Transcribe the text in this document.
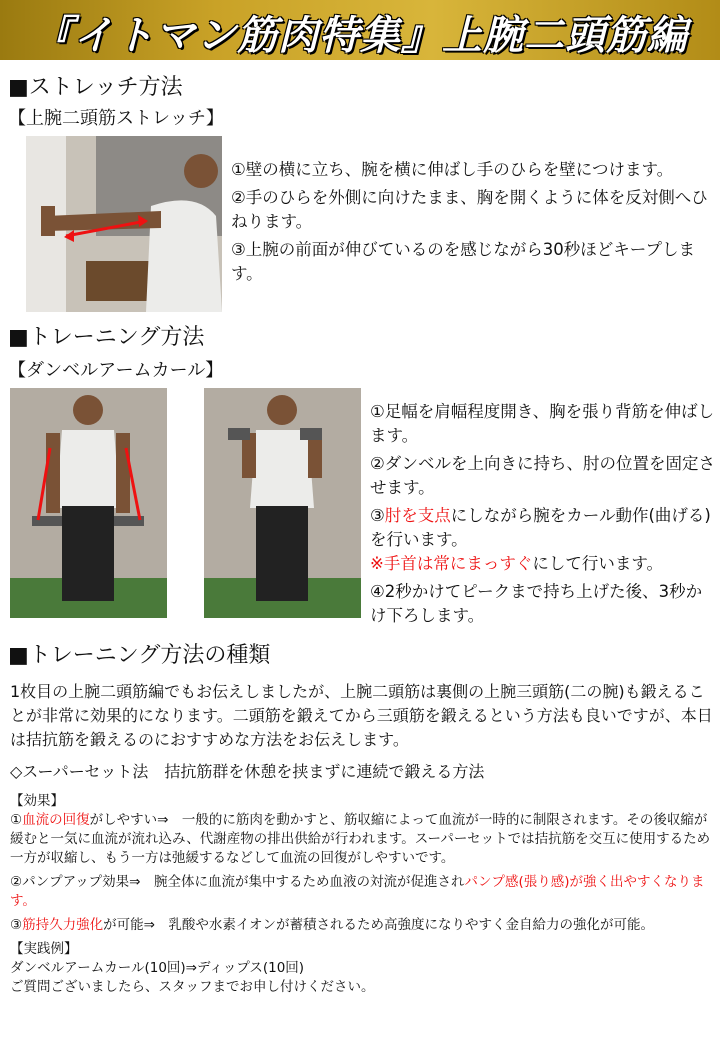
『イトマン筋肉特集』上腕二頭筋編
■ストレッチ方法
【上腕二頭筋ストレッチ】

①壁の横に立ち、腕を横に伸ばし手のひらを壁につけます。

②手のひらを外側に向けたまま、胸を開くように体を反対側へひねります。

③上腕の前面が伸びているのを感じながら30秒ほどキープします。

■トレーニング方法
【ダンベルアームカール】

①足幅を肩幅程度開き、胸を張り背筋を伸ばします。

②ダンベルを上向きに持ち、肘の位置を固定させます。

③肘を支点にしながら腕をカール動作(曲げる)を行います。

※手首は常にまっすぐにして行います。

④2秒かけてピークまで持ち上げた後、3秒かけ下ろします。

■トレーニング方法の種類
1枚目の上腕二頭筋編でもお伝えしましたが、上腕二頭筋は裏側の上腕三頭筋(二の腕)も鍛えることが非常に効果的になります。二頭筋を鍛えてから三頭筋を鍛えるという方法も良いですが、本日は拮抗筋を鍛えるのにおすすめな方法をお伝えします。
◇スーパーセット法　拮抗筋群を休憩を挟まずに連続で鍛える方法

【効果】

①血流の回復がしやすい⇒　一般的に筋肉を動かすと、筋収縮によって血流が一時的に制限されます。その後収縮が緩むと一気に血流が流れ込み、代謝産物の排出供給が行われます。スーパーセットでは拮抗筋を交互に使用するため一方が収縮し、もう一方は弛緩するなどして血流の回復がしやすいです。

②パンプアップ効果⇒　腕全体に血流が集中するため血液の対流が促進されパンプ感(張り感)が強く出やすくなります。

③筋持久力強化が可能⇒　乳酸や水素イオンが蓄積されるため高強度になりやすく金自給力の強化が可能。

【実践例】

ダンベルアームカール(10回)⇒ディップス(10回)

ご質問ございましたら、スタッフまでお申し付けください。
